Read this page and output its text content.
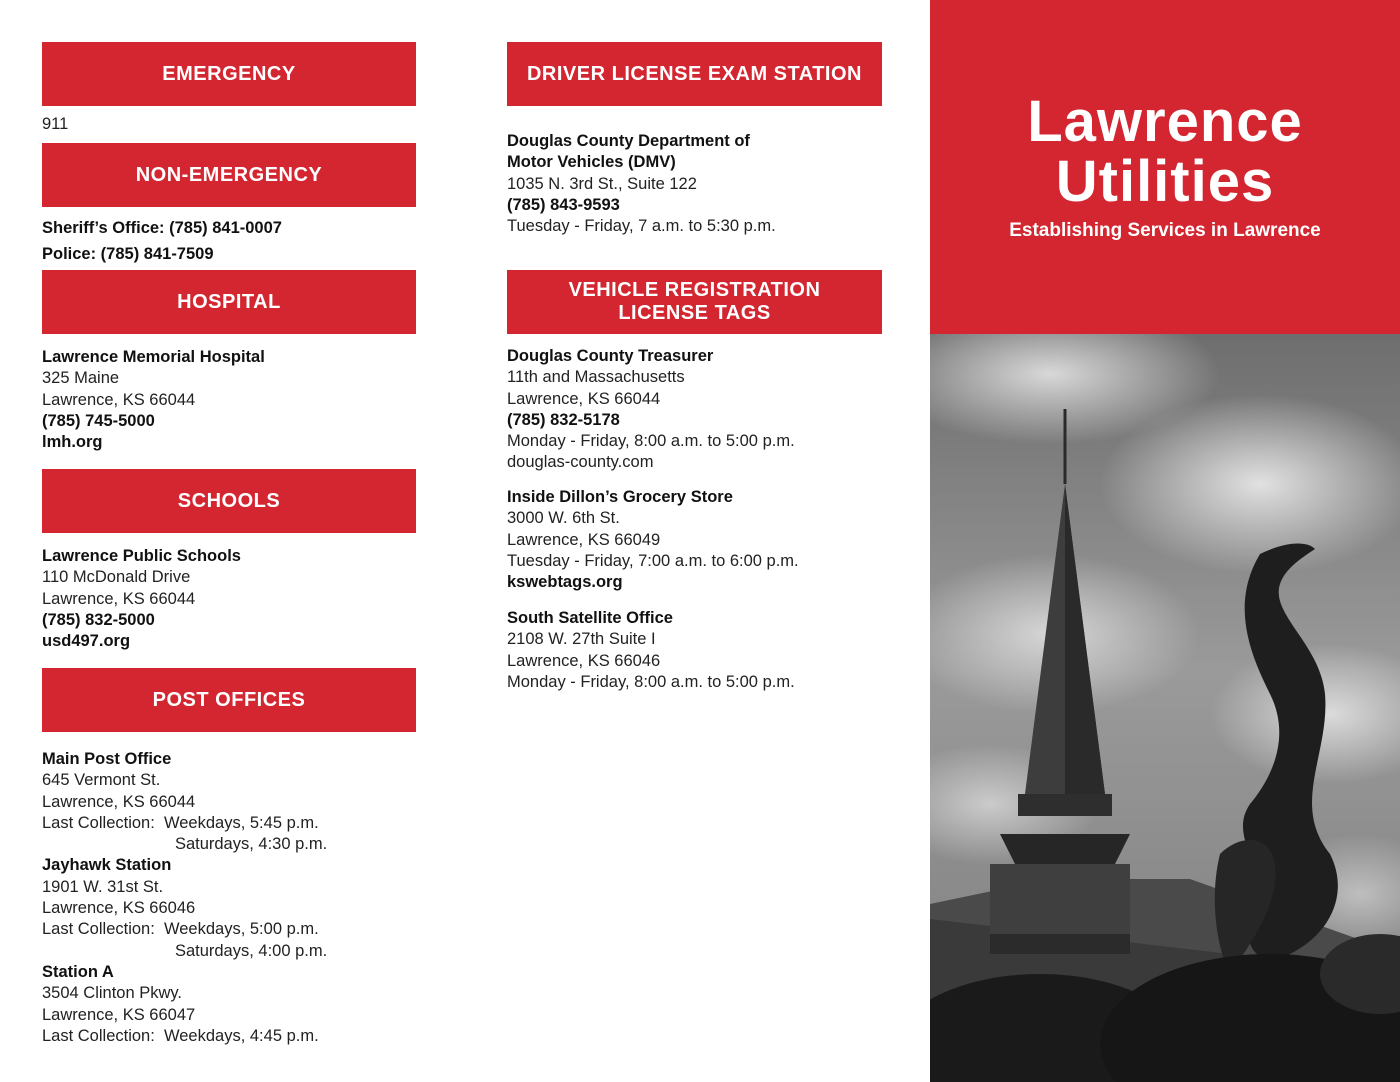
EMERGENCY
911
NON-EMERGENCY
Sheriff’s Office: (785) 841-0007
Police: (785) 841-7509
HOSPITAL
Lawrence Memorial Hospital
325 Maine
Lawrence, KS 66044
(785) 745-5000
lmh.org
SCHOOLS
Lawrence Public Schools
110 McDonald Drive
Lawrence, KS 66044
(785) 832-5000
usd497.org
POST OFFICES
Main Post Office
645 Vermont St.
Lawrence, KS 66044
Last Collection:  Weekdays, 5:45 p.m.
Saturdays, 4:30 p.m.
Jayhawk Station
1901 W. 31st St.
Lawrence, KS 66046
Last Collection:  Weekdays, 5:00 p.m.
Saturdays, 4:00 p.m.
Station A
3504 Clinton Pkwy.
Lawrence, KS 66047
Last Collection:  Weekdays, 4:45 p.m.
DRIVER LICENSE EXAM STATION
Douglas County Department of
Motor Vehicles (DMV)
1035 N. 3rd St., Suite 122
(785) 843-9593
Tuesday - Friday, 7 a.m. to 5:30 p.m.
VEHICLE REGISTRATION
LICENSE TAGS
Douglas County Treasurer
11th and Massachusetts
Lawrence, KS 66044
(785) 832-5178
Monday - Friday, 8:00 a.m. to 5:00 p.m.
douglas-county.com
Inside Dillon’s Grocery Store
3000 W. 6th St.
Lawrence, KS 66049
Tuesday - Friday, 7:00 a.m. to 6:00 p.m.
kswebtags.org
South Satellite Office
2108 W. 27th Suite I
Lawrence, KS 66046
Monday - Friday, 8:00 a.m. to 5:00 p.m.
Lawrence
Utilities
Establishing Services in Lawrence
